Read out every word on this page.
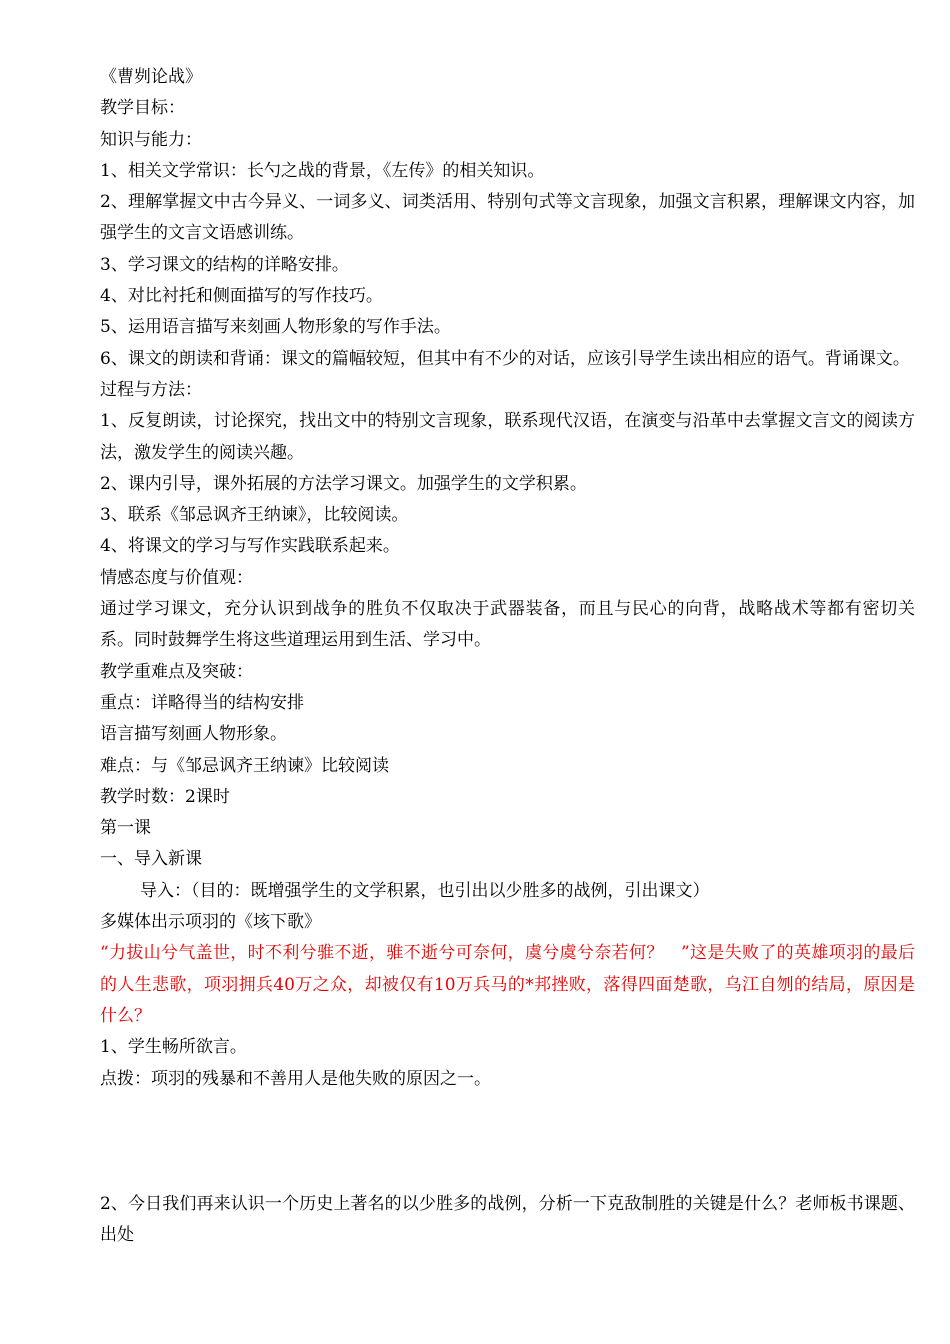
《曹刿论战》

教学目标：

知识与能力：

1、相关文学常识：长勺之战的背景，《左传》的相关知识。

2、理解掌握文中古今异义、一词多义、词类活用、特别句式等文言现象，加强文言积累，理解课文内容，加强学生的文言文语感训练。

3、学习课文的结构的详略安排。

4、对比衬托和侧面描写的写作技巧。

5、运用语言描写来刻画人物形象的写作手法。

6、课文的朗读和背诵：课文的篇幅较短，但其中有不少的对话，应该引导学生读出相应的语气。背诵课文。

过程与方法：

1、反复朗读，讨论探究，找出文中的特别文言现象，联系现代汉语，在演变与沿革中去掌握文言文的阅读方法，激发学生的阅读兴趣。

2、课内引导，课外拓展的方法学习课文。加强学生的文学积累。

3、联系《邹忌讽齐王纳谏》，比较阅读。

4、将课文的学习与写作实践联系起来。

情感态度与价值观：

通过学习课文，充分认识到战争的胜负不仅取决于武器装备，而且与民心的向背，战略战术等都有密切关系。同时鼓舞学生将这些道理运用到生活、学习中。

教学重难点及突破：

重点：详略得当的结构安排

语言描写刻画人物形象。

难点：与《邹忌讽齐王纳谏》比较阅读

教学时数：2课时

第一课

一、导入新课

导入：（目的：既增强学生的文学积累，也引出以少胜多的战例，引出课文）

多媒体出示项羽的《垓下歌》

“力拔山兮气盖世，时不利兮骓不逝，骓不逝兮可奈何，虞兮虞兮奈若何？　”这是失败了的英雄项羽的最后的人生悲歌，项羽拥兵40万之众，却被仅有10万兵马的*邦挫败，落得四面楚歌，乌江自刎的结局，原因是什么？

1、学生畅所欲言。

点拨：项羽的残暴和不善用人是他失败的原因之一。

2、今日我们再来认识一个历史上著名的以少胜多的战例，分析一下克敌制胜的关键是什么？老师板书课题、出处
